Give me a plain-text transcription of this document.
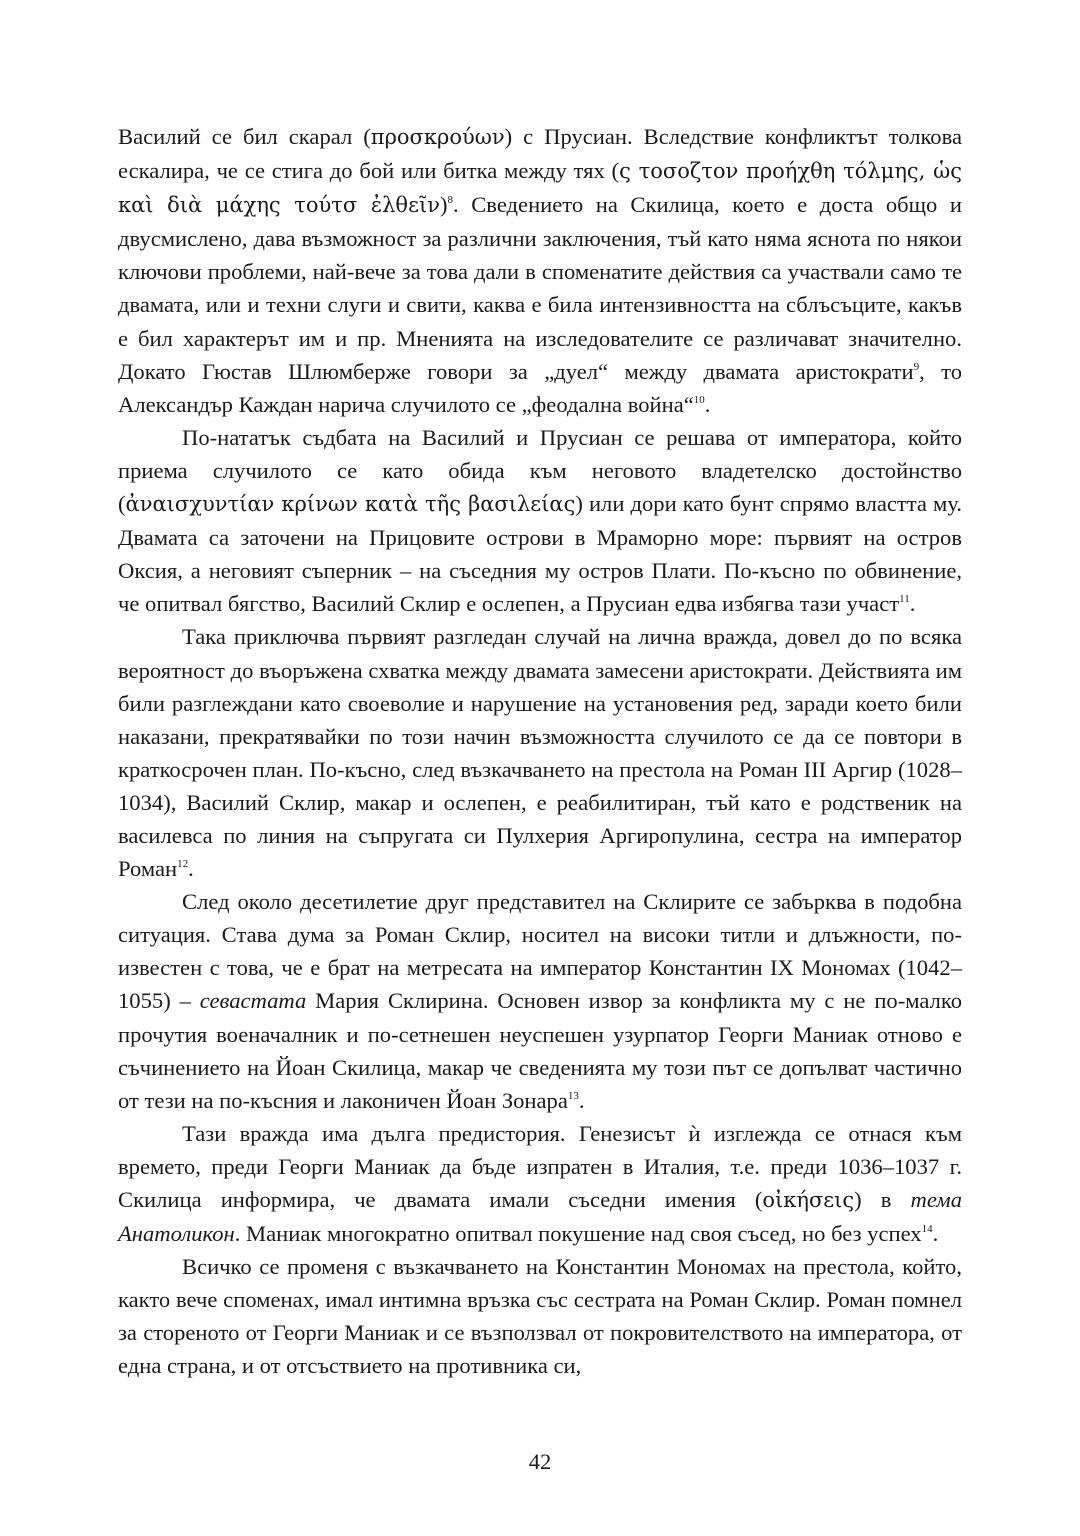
Василий се бил скарал (προσκρούων) с Прусиан. Вследствие конфликтът толкова ескалира, че се стига до бой или битка между тях (ς τοσοζτον προήχθη τόλμης, ὡς καὶ διὰ μάχης τούτσ ἐλθεῖν)$^8$. Сведението на Скилица, което е доста общо и двусмислено, дава възможност за различни заключения, тъй като няма яснота по някои ключови проблеми, най-вече за това дали в споменатите действия са участвали само те двамата, или и техни слуги и свити, каква е била интензивността на сблъсъците, какъв е бил характерът им и пр. Мненията на изследователите се различават значително. Докато Гюстав Шлюмберже говори за „дуел“ между двамата аристократи$^9$, то Александър Каждан нарича случилото се „феодална война“$^{10}$.

По-нататък съдбата на Василий и Прусиан се решава от императора, който приема случилото се като обида към неговото владетелско достойнство (ἀναισχυντίαν κρίνων κατὰ τῆς βασιλείας) или дори като бунт спрямо властта му. Двамата са заточени на Прицовите острови в Мраморно море: първият на остров Оксия, а неговият съперник – на съседния му остров Плати. По-късно по обвинение, че опитвал бягство, Василий Склир е ослепен, а Прусиан едва избягва тази участ$^{11}$.

Така приключва първият разгледан случай на лична вражда, довел до по всяка вероятност до въоръжена схватка между двамата замесени аристократи. Действията им били разглеждани като своеволие и нарушение на установения ред, заради което били наказани, прекратявайки по този начин възможността случилото се да се повтори в краткосрочен план. По-късно, след възкачването на престола на Роман III Аргир (1028–1034), Василий Склир, макар и ослепен, е реабилитиран, тъй като е родственик на василевса по линия на съпругата си Пулхерия Аргиропулина, сестра на император Роман$^{12}$.

След около десетилетие друг представител на Склирите се забърква в подобна ситуация. Става дума за Роман Склир, носител на високи титли и длъжности, по-известен с това, че е брат на метресата на император Константин IX Мономах (1042–1055) – севастата Мария Склирина. Основен извор за конфликта му с не по-малко прочутия военачалник и по-сетнешен неуспешен узурпатор Георги Маниак отново е съчинението на Йоан Скилица, макар че сведенията му този път се допълват частично от тези на по-късния и лаконичен Йоан Зонара$^{13}$.

Тази вражда има дълга предистория. Генезисът ѝ изглежда се отнася към времето, преди Георги Маниак да бъде изпратен в Италия, т.е. преди 1036–1037 г. Скилица информира, че двамата имали съседни имения (οἰκήσεις) в тема Анатоликон. Маниак многократно опитвал покушение над своя съсед, но без успех$^{14}$.

Всичко се променя с възкачването на Константин Мономах на престола, който, както вече споменах, имал интимна връзка със сестрата на Роман Склир. Роман помнел за стореното от Георги Маниак и се възползвал от покровителството на императора, от една страна, и от отсъствието на противника си,

42
